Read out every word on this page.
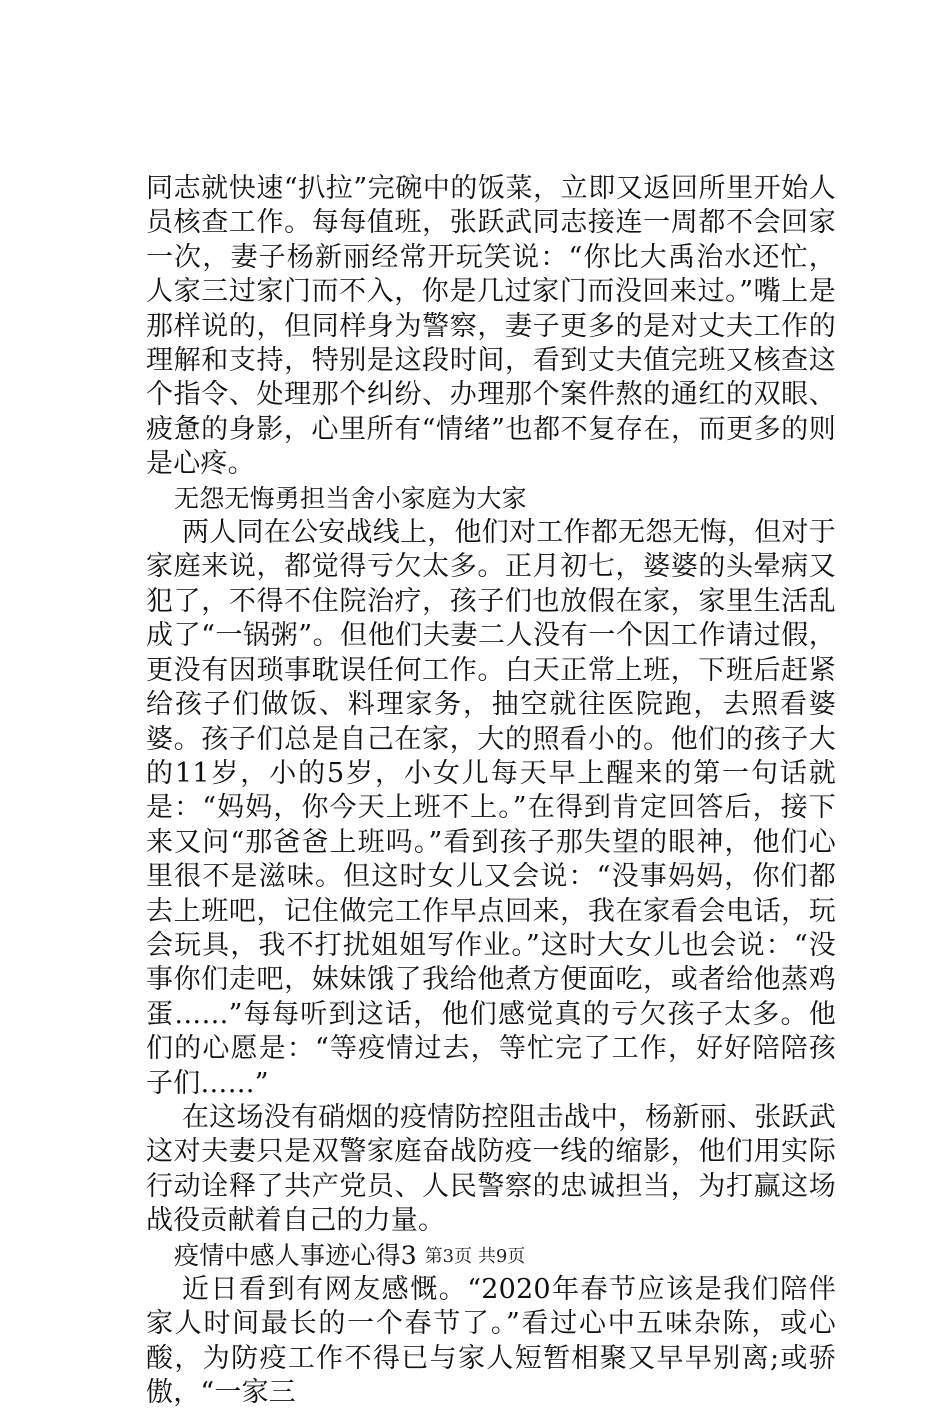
同志就快速“扒拉”完碗中的饭菜，立即又返回所里开始人员核查工作。每每值班，张跃武同志接连一周都不会回家一次，妻子杨新丽经常开玩笑说：“你比大禹治水还忙，人家三过家门而不入，你是几过家门而没回来过。”嘴上是那样说的，但同样身为警察，妻子更多的是对丈夫工作的理解和支持，特别是这段时间，看到丈夫值完班又核查这个指令、处理那个纠纷、办理那个案件熬的通红的双眼、疲惫的身影，心里所有“情绪”也都不复存在，而更多的则是心疼。

无怨无悔勇担当舍小家庭为大家

两人同在公安战线上，他们对工作都无怨无悔，但对于家庭来说，都觉得亏欠太多。正月初七，婆婆的头晕病又犯了，不得不住院治疗，孩子们也放假在家，家里生活乱成了“一锅粥”。但他们夫妻二人没有一个因工作请过假，更没有因琐事耽误任何工作。白天正常上班，下班后赶紧给孩子们做饭、料理家务，抽空就往医院跑，去照看婆婆。孩子们总是自己在家，大的照看小的。他们的孩子大的11岁，小的5岁，小女儿每天早上醒来的第一句话就是：“妈妈，你今天上班不上。”在得到肯定回答后，接下来又问“那爸爸上班吗。”看到孩子那失望的眼神，他们心里很不是滋味。但这时女儿又会说：“没事妈妈，你们都去上班吧，记住做完工作早点回来，我在家看会电话，玩会玩具，我不打扰姐姐写作业。”这时大女儿也会说：“没事你们走吧，妹妹饿了我给他煮方便面吃，或者给他蒸鸡蛋……”每每听到这话，他们感觉真的亏欠孩子太多。他们的心愿是：“等疫情过去，等忙完了工作，好好陪陪孩子们……”

在这场没有硝烟的疫情防控阻击战中，杨新丽、张跃武这对夫妻只是双警家庭奋战防疫一线的缩影，他们用实际行动诠释了共产党员、人民警察的忠诚担当，为打赢这场战役贡献着自己的力量。

疫情中感人事迹心得3

近日看到有网友感慨。“2020年春节应该是我们陪伴家人时间最长的一个春节了。”看过心中五味杂陈，或心酸，为防疫工作不得已与家人短暂相聚又早早别离;或骄傲，“一家三

第3页 共9页
